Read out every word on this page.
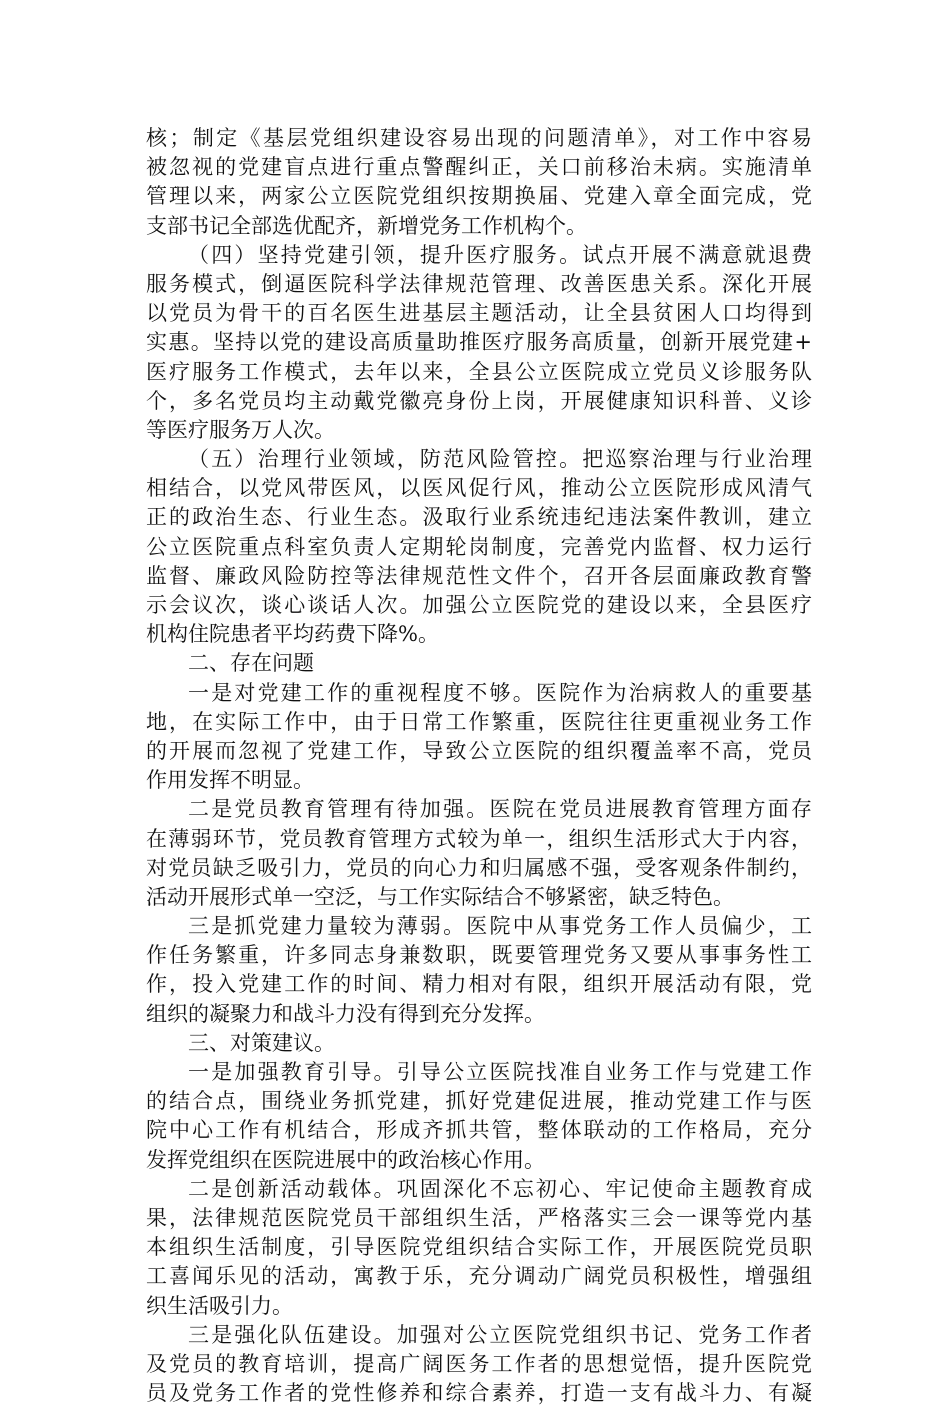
核；制定《基层党组织建设容易出现的问题清单》，对工作中容易
被忽视的党建盲点进行重点警醒纠正，关口前移治未病。实施清单
管理以来，两家公立医院党组织按期换届、党建入章全面完成，党
支部书记全部选优配齐，新增党务工作机构个。
（四）坚持党建引领，提升医疗服务。试点开展不满意就退费
服务模式，倒逼医院科学法律规范管理、改善医患关系。深化开展
以党员为骨干的百名医生进基层主题活动，让全县贫困人口均得到
实惠。坚持以党的建设高质量助推医疗服务高质量，创新开展党建+
医疗服务工作模式，去年以来，全县公立医院成立党员义诊服务队
个，多名党员均主动戴党徽亮身份上岗，开展健康知识科普、义诊
等医疗服务万人次。
（五）治理行业领域，防范风险管控。把巡察治理与行业治理
相结合，以党风带医风，以医风促行风，推动公立医院形成风清气
正的政治生态、行业生态。汲取行业系统违纪违法案件教训，建立
公立医院重点科室负责人定期轮岗制度，完善党内监督、权力运行
监督、廉政风险防控等法律规范性文件个，召开各层面廉政教育警
示会议次，谈心谈话人次。加强公立医院党的建设以来，全县医疗
机构住院患者平均药费下降%。
二、存在问题
一是对党建工作的重视程度不够。医院作为治病救人的重要基
地，在实际工作中，由于日常工作繁重，医院往往更重视业务工作
的开展而忽视了党建工作，导致公立医院的组织覆盖率不高，党员
作用发挥不明显。
二是党员教育管理有待加强。医院在党员进展教育管理方面存
在薄弱环节，党员教育管理方式较为单一，组织生活形式大于内容，
对党员缺乏吸引力，党员的向心力和归属感不强，受客观条件制约，
活动开展形式单一空泛，与工作实际结合不够紧密，缺乏特色。
三是抓党建力量较为薄弱。医院中从事党务工作人员偏少，工
作任务繁重，许多同志身兼数职，既要管理党务又要从事事务性工
作，投入党建工作的时间、精力相对有限，组织开展活动有限，党
组织的凝聚力和战斗力没有得到充分发挥。
三、对策建议。
一是加强教育引导。引导公立医院找准自业务工作与党建工作
的结合点，围绕业务抓党建，抓好党建促进展，推动党建工作与医
院中心工作有机结合，形成齐抓共管，整体联动的工作格局，充分
发挥党组织在医院进展中的政治核心作用。
二是创新活动载体。巩固深化不忘初心、牢记使命主题教育成
果，法律规范医院党员干部组织生活，严格落实三会一课等党内基
本组织生活制度，引导医院党组织结合实际工作，开展医院党员职
工喜闻乐见的活动，寓教于乐，充分调动广阔党员积极性，增强组
织生活吸引力。
三是强化队伍建设。加强对公立医院党组织书记、党务工作者
及党员的教育培训，提高广阔医务工作者的思想觉悟，提升医院党
员及党务工作者的党性修养和综合素养，打造一支有战斗力、有凝
